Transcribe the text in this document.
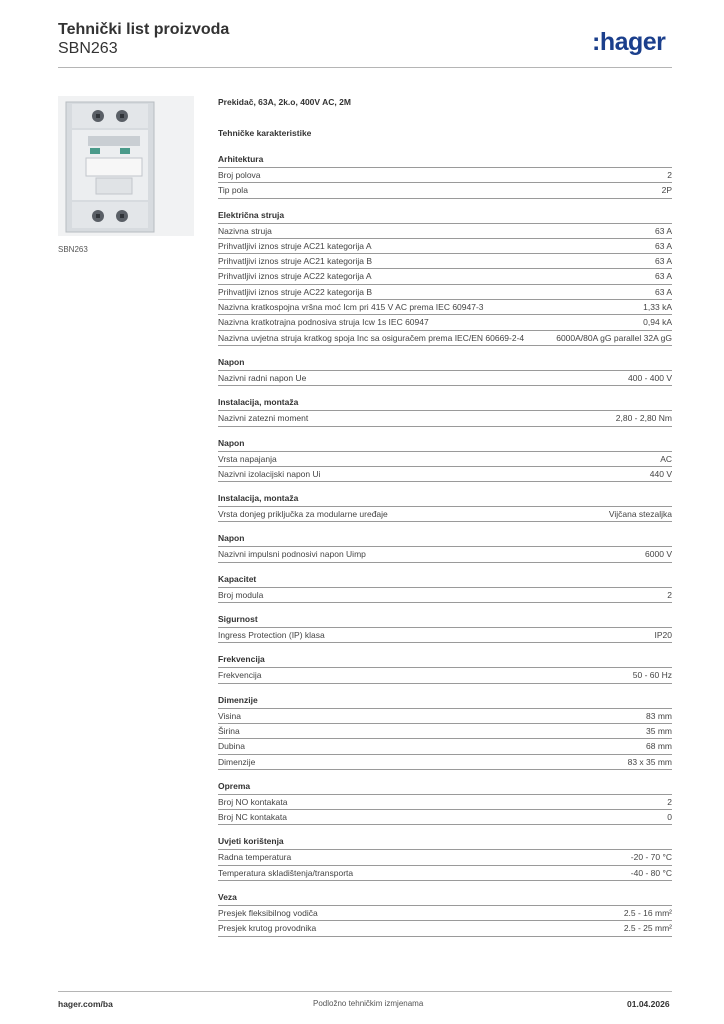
Tehnički list proizvoda
SBN263	:hager
SBN263
Prekidač, 63A, 2k.o, 400V AC, 2M
Tehničke karakteristike
Arhitektura
Broj polova	2
Tip pola	2P
Električna struja
Nazivna struja	63 A
Prihvatljivi iznos struje AC21 kategorija A	63 A
Prihvatljivi iznos struje AC21 kategorija B	63 A
Prihvatljivi iznos struje AC22 kategorija A	63 A
Prihvatljivi iznos struje AC22 kategorija B	63 A
Nazivna kratkospojna vršna moć Icm pri 415 V AC prema IEC 60947-3	1,33 kA
Nazivna kratkotrajna podnosiva struja Icw 1s IEC 60947	0,94 kA
Nazivna uvjetna struja kratkog spoja Inc sa osiguračem prema IEC/EN 60669-2-4	6000A/80A gG parallel 32A gG
Napon
Nazivni radni napon Ue	400 - 400 V
Instalacija, montaža
Nazivni zatezni moment	2,80 - 2,80 Nm
Napon
Vrsta napajanja	AC
Nazivni izolacijski napon Ui	440 V
Instalacija, montaža
Vrsta donjeg priključka za modularne uređaje	Vijčana stezaljka
Napon
Nazivni impulsni podnosivi napon Uimp	6000 V
Kapacitet
Broj modula	2
Sigurnost
Ingress Protection (IP) klasa	IP20
Frekvencija
Frekvencija	50 - 60 Hz
Dimenzije
Visina	83 mm
Širina	35 mm
Dubina	68 mm
Dimenzije	83 x 35 mm
Oprema
Broj NO kontakata	2
Broj NC kontakata	0
Uvjeti korištenja
Radna temperatura	-20 - 70 °C
Temperatura skladištenja/transporta	-40 - 80 °C
Veza
Presjek fleksibilnog vodiča	2.5 - 16 mm²
Presjek krutog provodnika	2.5 - 25 mm²
hager.com/ba	Podložno tehničkim izmjenama	01.04.2026
